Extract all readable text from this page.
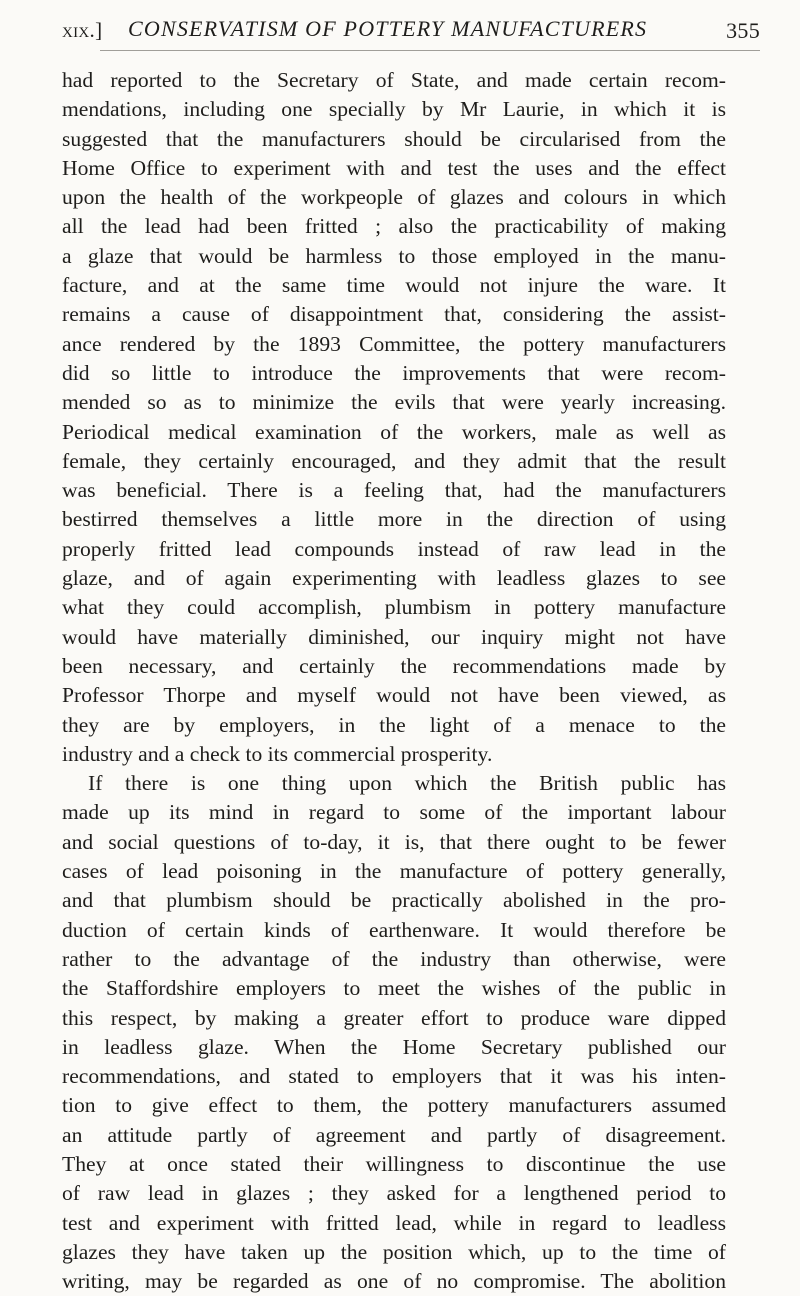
xix.] CONSERVATISM OF POTTERY MANUFACTURERS	355
had reported to the Secretary of State, and made certain recom-
mendations, including one specially by Mr Laurie, in which it is
suggested that the manufacturers should be circularised from the
Home Office to experiment with and test the uses and the effect
upon the health of the workpeople of glazes and colours in which
all the lead had been fritted ; also the practicability of making
a glaze that would be harmless to those employed in the manu-
facture, and at the same time would not injure the ware. It
remains a cause of disappointment that, considering the assist-
ance rendered by the 1893 Committee, the pottery manufacturers
did so little to introduce the improvements that were recom-
mended so as to minimize the evils that were yearly increasing.
Periodical medical examination of the workers, male as well as
female, they certainly encouraged, and they admit that the result
was beneficial. There is a feeling that, had the manufacturers
bestirred themselves a little more in the direction of using
properly fritted lead compounds instead of raw lead in the
glaze, and of again experimenting with leadless glazes to see
what they could accomplish, plumbism in pottery manufacture
would have materially diminished, our inquiry might not have
been necessary, and certainly the recommendations made by
Professor Thorpe and myself would not have been viewed, as
they are by employers, in the light of a menace to the
industry and a check to its commercial prosperity.
If there is one thing upon which the British public has
made up its mind in regard to some of the important labour
and social questions of to-day, it is, that there ought to be fewer
cases of lead poisoning in the manufacture of pottery generally,
and that plumbism should be practically abolished in the pro-
duction of certain kinds of earthenware. It would therefore be
rather to the advantage of the industry than otherwise, were
the Staffordshire employers to meet the wishes of the public in
this respect, by making a greater effort to produce ware dipped
in leadless glaze. When the Home Secretary published our
recommendations, and stated to employers that it was his inten-
tion to give effect to them, the pottery manufacturers assumed
an attitude partly of agreement and partly of disagreement.
They at once stated their willingness to discontinue the use
of raw lead in glazes ; they asked for a lengthened period to
test and experiment with fritted lead, while in regard to leadless
glazes they have taken up the position which, up to the time of
writing, may be regarded as one of no compromise. The abolition
